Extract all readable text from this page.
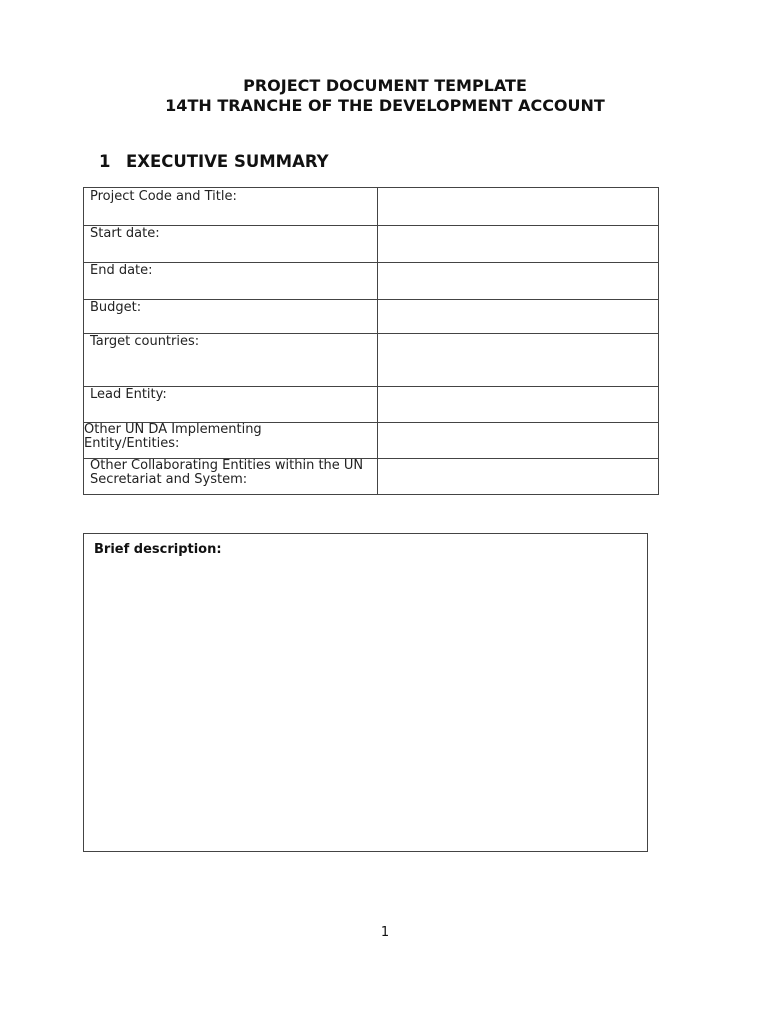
PROJECT DOCUMENT TEMPLATE
14TH TRANCHE OF THE DEVELOPMENT ACCOUNT
1 EXECUTIVE SUMMARY
Project Code and Title:	

Start date:	

End date:	

Budget:	

Target countries:	

Lead Entity:	

Other UN DA Implementing Entity/Entities:	

Other Collaborating Entities within the UN Secretariat and System:	

Brief description:

1
